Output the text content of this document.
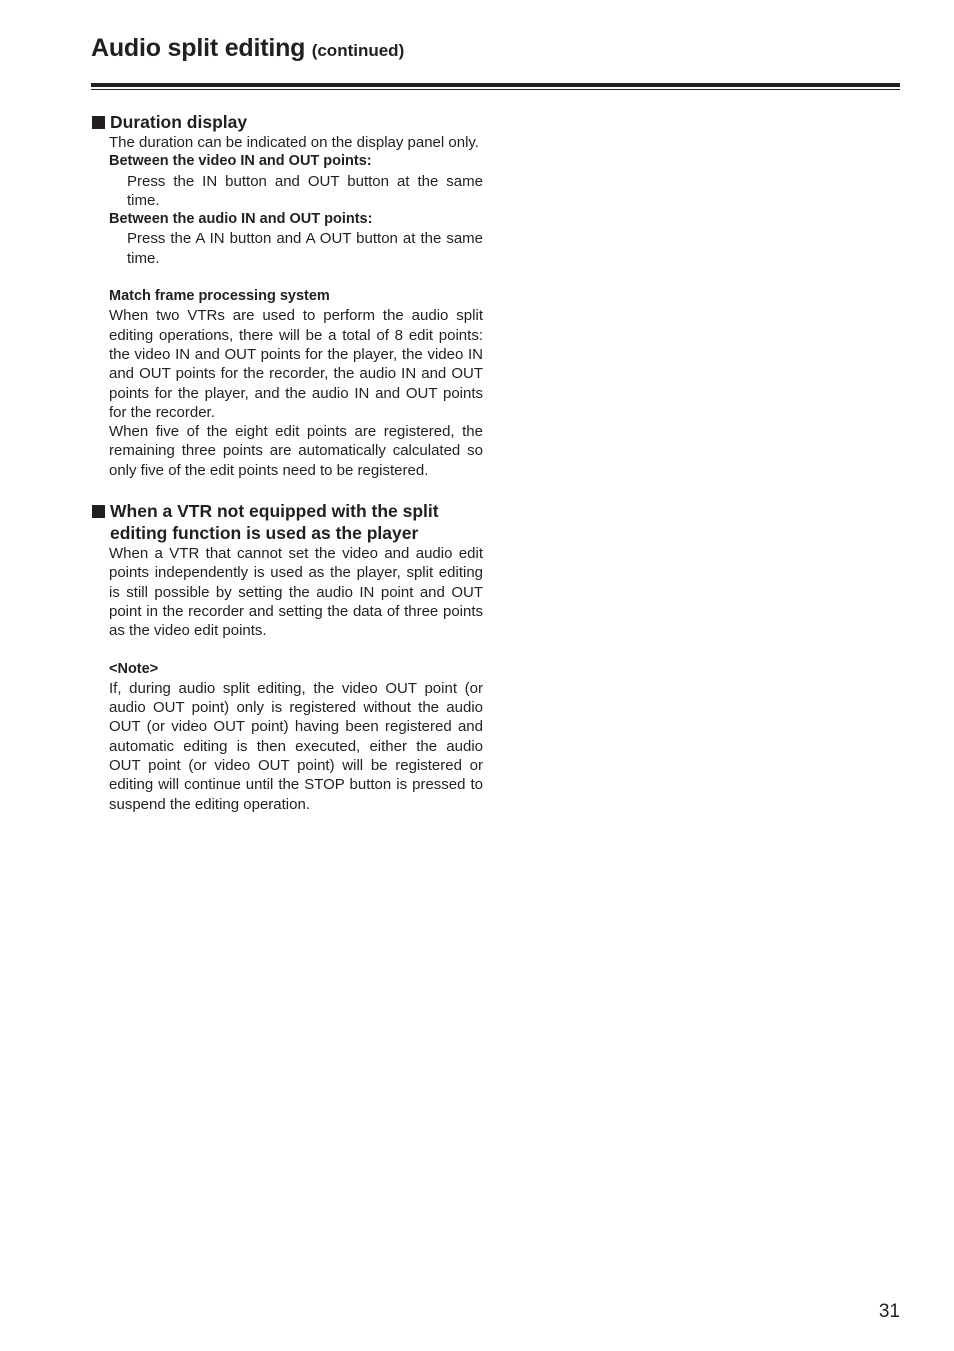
Audio split editing (continued)
Duration display

The duration can be indicated on the display panel only.

Between the video IN and OUT points:

Press the IN button and OUT button at the same time.

Between the audio IN and OUT points:

Press the A IN button and A OUT button at the same time.

Match frame processing system

When two VTRs are used to perform the audio split editing operations, there will be a total of 8 edit points: the video IN and OUT points for the player, the video IN and OUT points for the recorder, the audio IN and OUT points for the player, and the audio IN and OUT points for the recorder.

When five of the eight edit points are registered, the remaining three points are automatically calculated so only five of the edit points need to be registered.

When a VTR not equipped with the split editing function is used as the player

When a VTR that cannot set the video and audio edit points independently is used as the player, split editing is still possible by setting the audio IN point and OUT point in the recorder and setting the data of three points as the video edit points.

<Note>

If, during audio split editing, the video OUT point (or audio OUT point) only is registered without the audio OUT (or video OUT point) having been registered and automatic editing is then executed, either the audio OUT point (or video OUT point) will be registered or editing will continue until the STOP button is pressed to suspend the editing operation.

31
